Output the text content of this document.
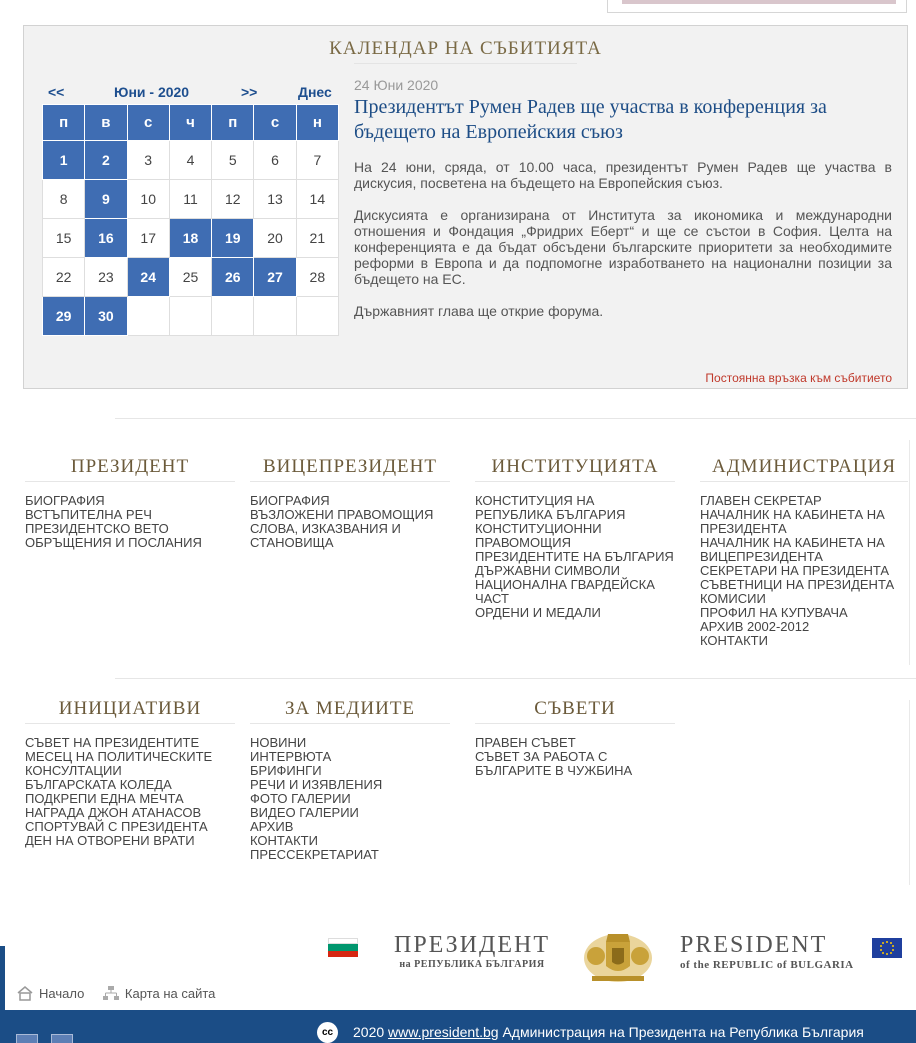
КАЛЕНДАР НА СЪБИТИЯТА
<<	Юни - 2020	>>	Днес
п	в	с	ч	п	с	н
1	2	3	4	5	6	7
8	9	10	11	12	13	14
15	16	17	18	19	20	21
22	23	24	25	26	27	28
29	30					
24 Юни 2020
Президентът Румен Радев ще участва в конференция за бъдещето на Европейския съюз

На 24 юни, сряда, от 10.00 часа, президентът Румен Радев ще участва в дискусия, посветена на бъдещето на Европейския съюз.

Дискусията е организирана от Института за икономика и международни отношения и Фондация „Фридрих Еберт“ и ще се състои в София. Целта на конференцията е да бъдат обсъдени българските приоритети за необходимите реформи в Европа и да подпомогне изработването на национални позиции за бъдещето на ЕС.

Държавният глава ще открие форума.

Постоянна връзка към събитието
ПРЕЗИДЕНТ
БИОГРАФИЯ
ВСТЪПИТЕЛНА РЕЧ
ПРЕЗИДЕНТСКО ВЕТО
ОБРЪЩЕНИЯ И ПОСЛАНИЯ
ВИЦЕПРЕЗИДЕНТ
БИОГРАФИЯ
ВЪЗЛОЖЕНИ ПРАВОМОЩИЯ
СЛОВА, ИЗКАЗВАНИЯ И СТАНОВИЩА
ИНСТИТУЦИЯТА
КОНСТИТУЦИЯ НА РЕПУБЛИКА БЪЛГАРИЯ
КОНСТИТУЦИОННИ ПРАВОМОЩИЯ
ПРЕЗИДЕНТИТЕ НА БЪЛГАРИЯ
ДЪРЖАВНИ СИМВОЛИ
НАЦИОНАЛНА ГВАРДЕЙСКА ЧАСТ
ОРДЕНИ И МЕДАЛИ
АДМИНИСТРАЦИЯ
ГЛАВЕН СЕКРЕТАР
НАЧАЛНИК НА КАБИНЕТА НА ПРЕЗИДЕНТА
НАЧАЛНИК НА КАБИНЕТА НА ВИЦЕПРЕЗИДЕНТА
СЕКРЕТАРИ НА ПРЕЗИДЕНТА
СЪВЕТНИЦИ НА ПРЕЗИДЕНТА
КОМИСИИ
ПРОФИЛ НА КУПУВАЧА
АРХИВ 2002-2012
КОНТАКТИ
ИНИЦИАТИВИ
СЪВЕТ НА ПРЕЗИДЕНТИТЕ
МЕСЕЦ НА ПОЛИТИЧЕСКИТЕ КОНСУЛТАЦИИ
БЪЛГАРСКАТА КОЛЕДА
ПОДКРЕПИ ЕДНА МЕЧТА
НАГРАДА ДЖОН АТАНАСОВ
СПОРТУВАЙ С ПРЕЗИДЕНТА
ДЕН НА ОТВОРЕНИ ВРАТИ
ЗА МЕДИИТЕ
НОВИНИ
ИНТЕРВЮТА
БРИФИНГИ
РЕЧИ И ИЗЯВЛЕНИЯ
ФОТО ГАЛЕРИИ
ВИДЕО ГАЛЕРИИ
АРХИВ
КОНТАКТИ ПРЕССЕКРЕТАРИАТ
СЪВЕТИ
ПРАВЕН СЪВЕТ
СЪВЕТ ЗА РАБОТА С БЪЛГАРИТЕ В ЧУЖБИНА
ПРЕЗИДЕНТ
на РЕПУБЛИКА БЪЛГАРИЯ
PRESIDENT
of the REPUBLIC of BULGARIA
Начало
	Карта на сайта
cc	2020 www.president.bg Администрация на Президента на Република България
